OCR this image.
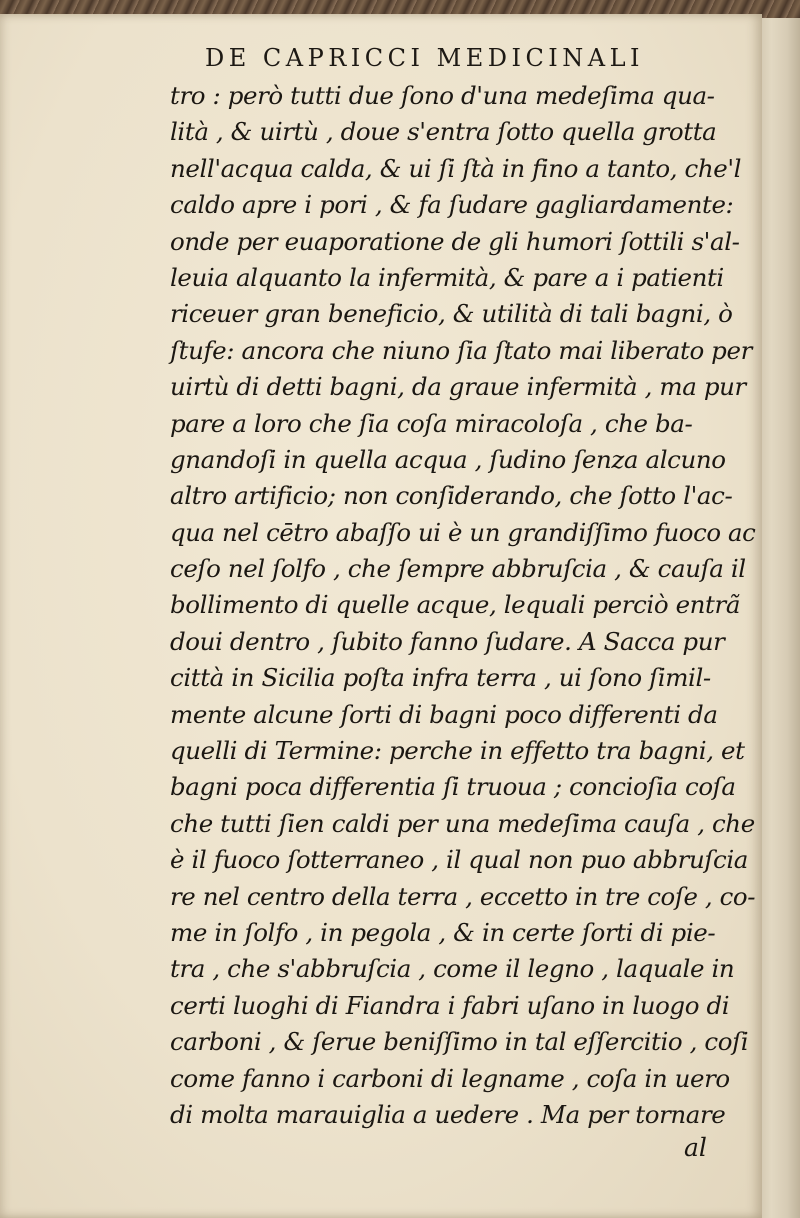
DE CAPRICCI MEDICINALI
tro : però tutti due ſono d'una medeſima qua-
lità , & uirtù , doue s'entra ſotto quella grotta
nell'acqua calda, & ui ſi ſtà in fino a tanto, che'l
caldo apre i pori , & fa ſudare gagliardamente:
onde per euaporatione de gli humori ſottili s'al-
leuia alquanto la infermità, & pare a i patienti
riceuer gran beneficio, & utilità di tali bagni, ò
ſtufe: ancora che niuno ſia ſtato mai liberato per
uirtù di detti bagni, da graue infermità , ma pur
pare a loro che ſia coſa miracoloſa , che ba-
gnandoſi in quella acqua , ſudino ſenza alcuno
altro artificio; non conſiderando, che ſotto l'ac-
qua nel cētro abaſſo ui è un grandiſſimo fuoco ac
ceſo nel ſolfo , che ſempre abbruſcia , & cauſa il
bollimento di quelle acque, lequali perciò entrã
doui dentro , ſubito fanno ſudare. A Sacca pur
città in Sicilia poſta infra terra , ui ſono ſimil-
mente alcune ſorti di bagni poco differenti da
quelli di Termine: perche in effetto tra bagni, et
bagni poca differentia ſi truoua ; concioſia coſa
che tutti ſien caldi per una medeſima cauſa , che
è il fuoco ſotterraneo , il qual non puo abbruſcia
re nel centro della terra , eccetto in tre coſe , co-
me in ſolfo , in pegola , & in certe ſorti di pie-
tra , che s'abbruſcia , come il legno , laquale in
certi luoghi di Fiandra i fabri uſano in luogo di
carboni , & ſerue beniſſimo in tal eſſercitio , coſi
come fanno i carboni di legname , coſa in uero
di molta marauiglia a uedere . Ma per tornare
al
